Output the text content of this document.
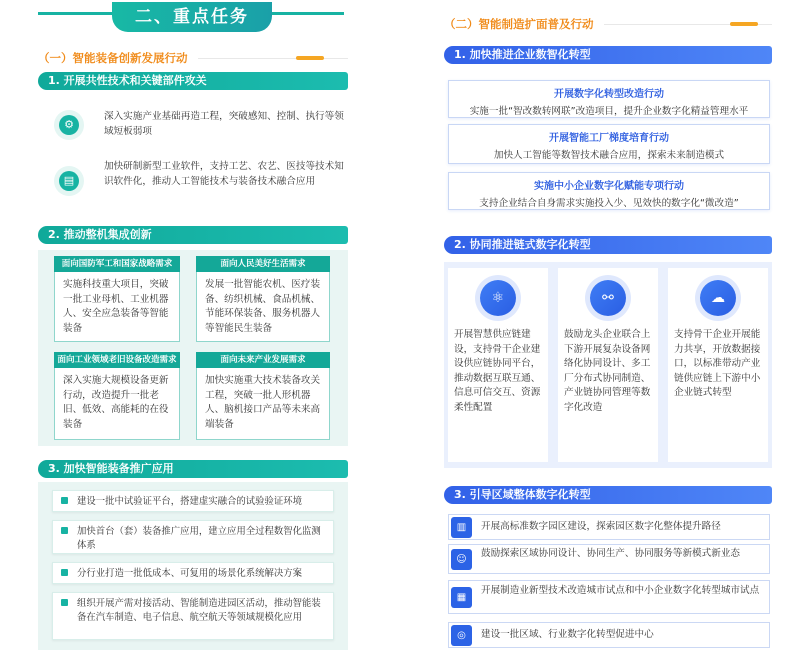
二、重点任务
（一）智能装备创新发展行动
1. 开展共性技术和关键部件攻关
⚙
深入实施产业基础再造工程，突破感知、控制、执行等领域短板弱项
▤
加快研制新型工业软件，支持工艺、农艺、医技等技术知识软件化，推动人工智能技术与装备技术融合应用
2. 推动整机集成创新
面向国防军工和国家战略需求
实施科技重大项目，突破一批工业母机、工业机器人、安全应急装备等智能装备
面向人民美好生活需求
发展一批智能农机、医疗装备、纺织机械、食品机械、节能环保装备、服务机器人等智能民生装备
面向工业领域老旧设备改造需求
深入实施大规模设备更新行动，改造提升一批老旧、低效、高能耗的在役装备
面向未来产业发展需求
加快实施重大技术装备攻关工程，突破一批人形机器人、脑机接口产品等未来高端装备
3. 加快智能装备推广应用
建设一批中试验证平台，搭建虚实融合的试验验证环境
加快首台（套）装备推广应用，建立应用全过程数智化监测体系
分行业打造一批低成本、可复用的场景化系统解决方案
组织开展产需对接活动、智能制造进园区活动，推动智能装备在汽车制造、电子信息、航空航天等领域规模化应用
（二）智能制造扩面普及行动
1. 加快推进企业数智化转型
开展数字化转型改造行动
实施一批“智改数转网联”改造项目，提升企业数字化精益管理水平
开展智能工厂梯度培育行动
加快人工智能等数智技术融合应用，探索未来制造模式
实施中小企业数字化赋能专项行动
支持企业结合自身需求实施投入少、见效快的数字化“微改造”
2. 协同推进链式数字化转型
⚛
开展智慧供应链建设，支持骨干企业建设供应链协同平台，推动数据互联互通、信息可信交互、资源柔性配置
⚯
鼓励龙头企业联合上下游开展复杂设备网络化协同设计、多工厂分布式协同制造、产业链协同管理等数字化改造
☁
支持骨干企业开展能力共享，开放数据接口，以标准带动产业链供应链上下游中小企业链式转型
3. 引导区域整体数字化转型
▥	开展高标准数字园区建设，探索园区数字化整体提升路径
☺
鼓励探索区域协同设计、协同生产、协同服务等新模式新业态
▦
开展制造业新型技术改造城市试点和中小企业数字化转型城市试点
◎	建设一批区域、行业数字化转型促进中心
